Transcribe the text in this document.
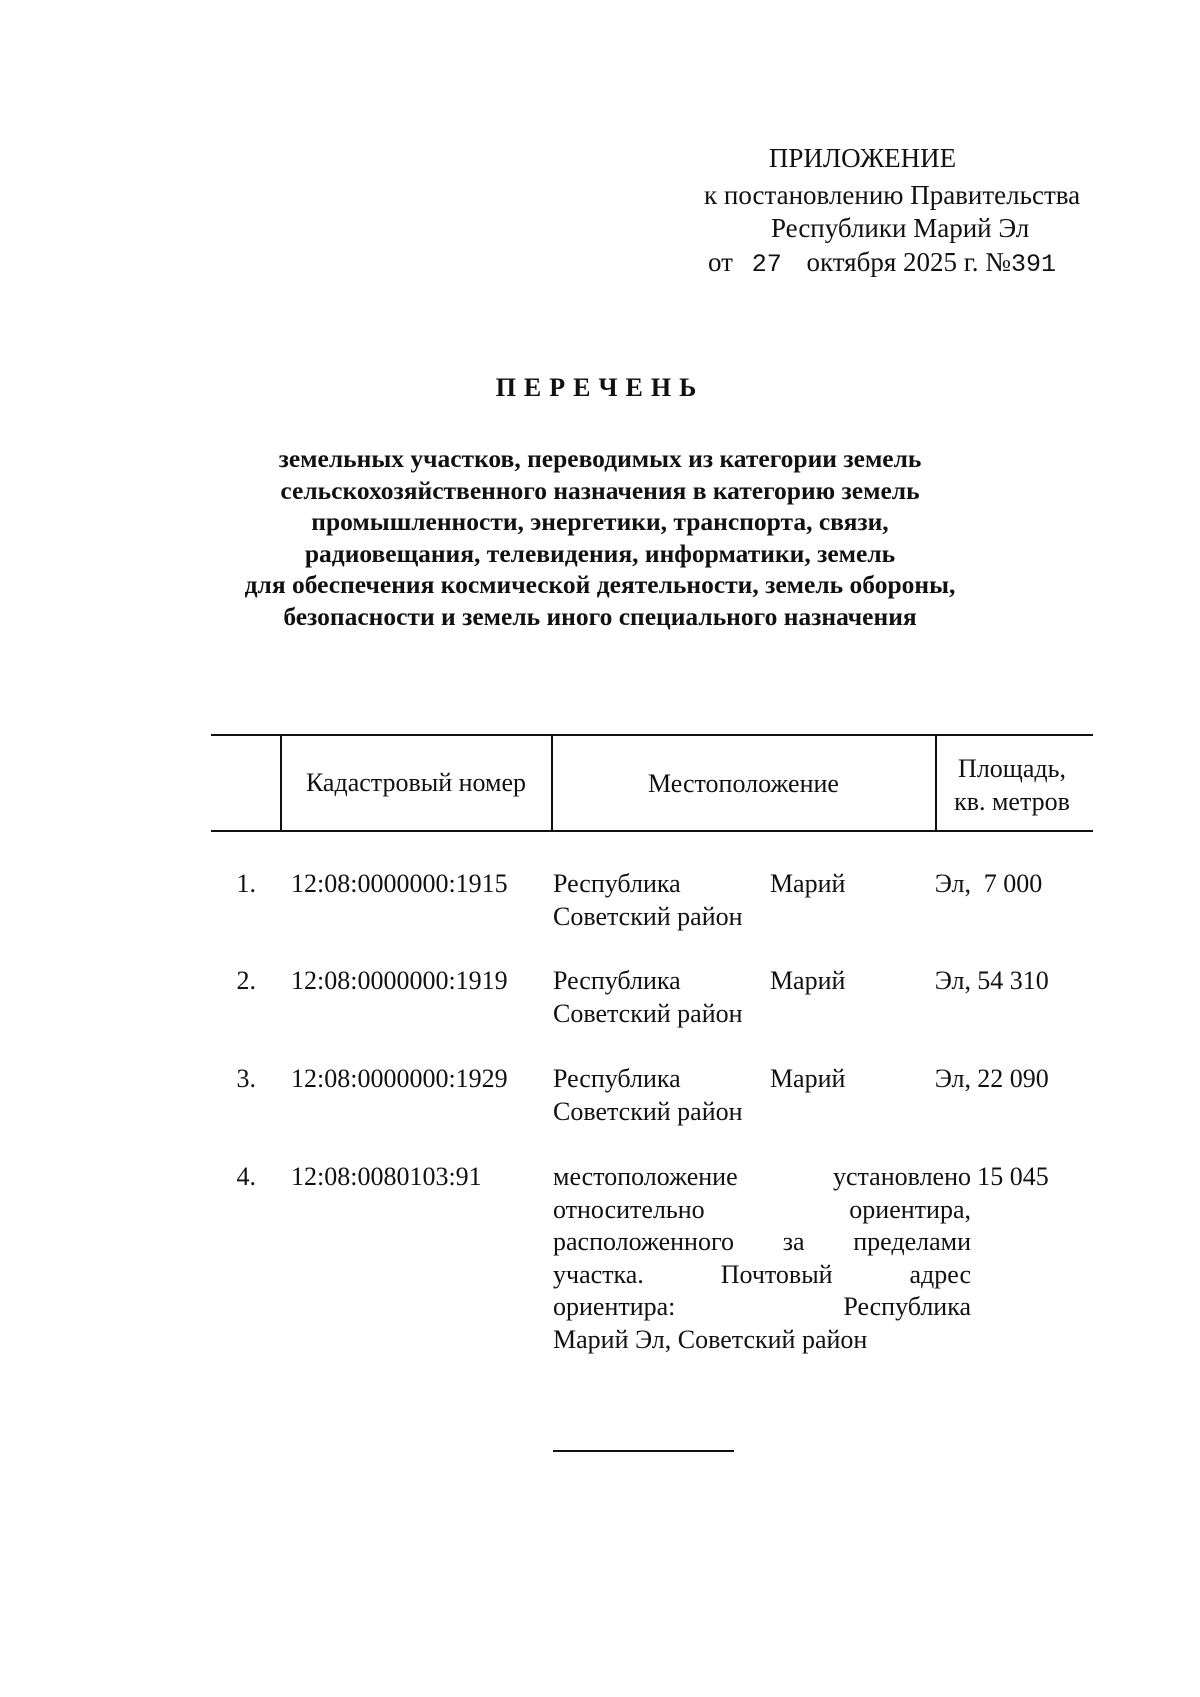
ПРИЛОЖЕНИЕ
к постановлению Правительства
Республики Марий Эл
от 27 октября 2025 г. №391
ПЕРЕЧЕНЬ
земельных участков, переводимых из категории земель
сельскохозяйственного назначения в категорию земель
промышленности, энергетики, транспорта, связи,
радиовещания, телевидения, информатики, земель
для обеспечения космической деятельности, земель обороны,
безопасности и земель иного специального назначения
Кадастровый номер	Местоположение
Площадь,
кв. метров
1. 12:08:0000000:1915 Республика Марий Эл,
Советский район
7 000
2. 12:08:0000000:1919 Республика Марий Эл,
Советский район
54 310
3. 12:08:0000000:1929 Республика Марий Эл,
Советский район
22 090
4. 12:08:0080103:91	местоположение установлено
относительно ориентира,
расположенного за пределами
участка. Почтовый адрес
ориентира: Республика
Марий Эл, Советский район
15 045
